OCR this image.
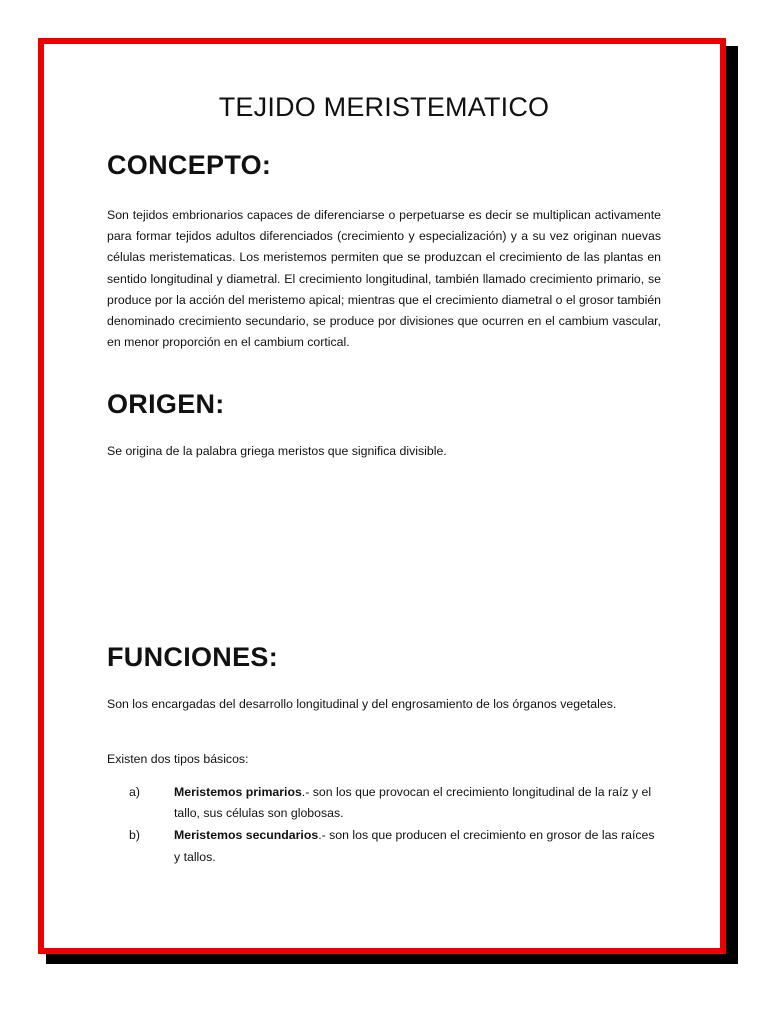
TEJIDO MERISTEMATICO
CONCEPTO:

Son tejidos embrionarios capaces de diferenciarse o perpetuarse es decir se multiplican activamente para formar tejidos adultos diferenciados (crecimiento y especialización) y a su vez originan nuevas células meristematicas. Los meristemos permiten que se produzcan el crecimiento de las plantas en sentido longitudinal y diametral. El crecimiento longitudinal, también llamado crecimiento primario, se produce por la acción del meristemo apical; mientras que el crecimiento diametral o el grosor también denominado crecimiento secundario, se produce por divisiones que ocurren en el cambium vascular, en menor proporción en el cambium cortical.

ORIGEN:

Se origina de la palabra griega meristos que significa divisible.

FUNCIONES:

Son los encargadas del desarrollo longitudinal y del engrosamiento de los órganos vegetales.

Existen dos tipos básicos:

a)	Meristemos primarios.- son los que provocan el crecimiento longitudinal de la raíz y el tallo, sus células son globosas.
b)	Meristemos secundarios.- son los que producen el crecimiento en grosor de las raíces y tallos.
